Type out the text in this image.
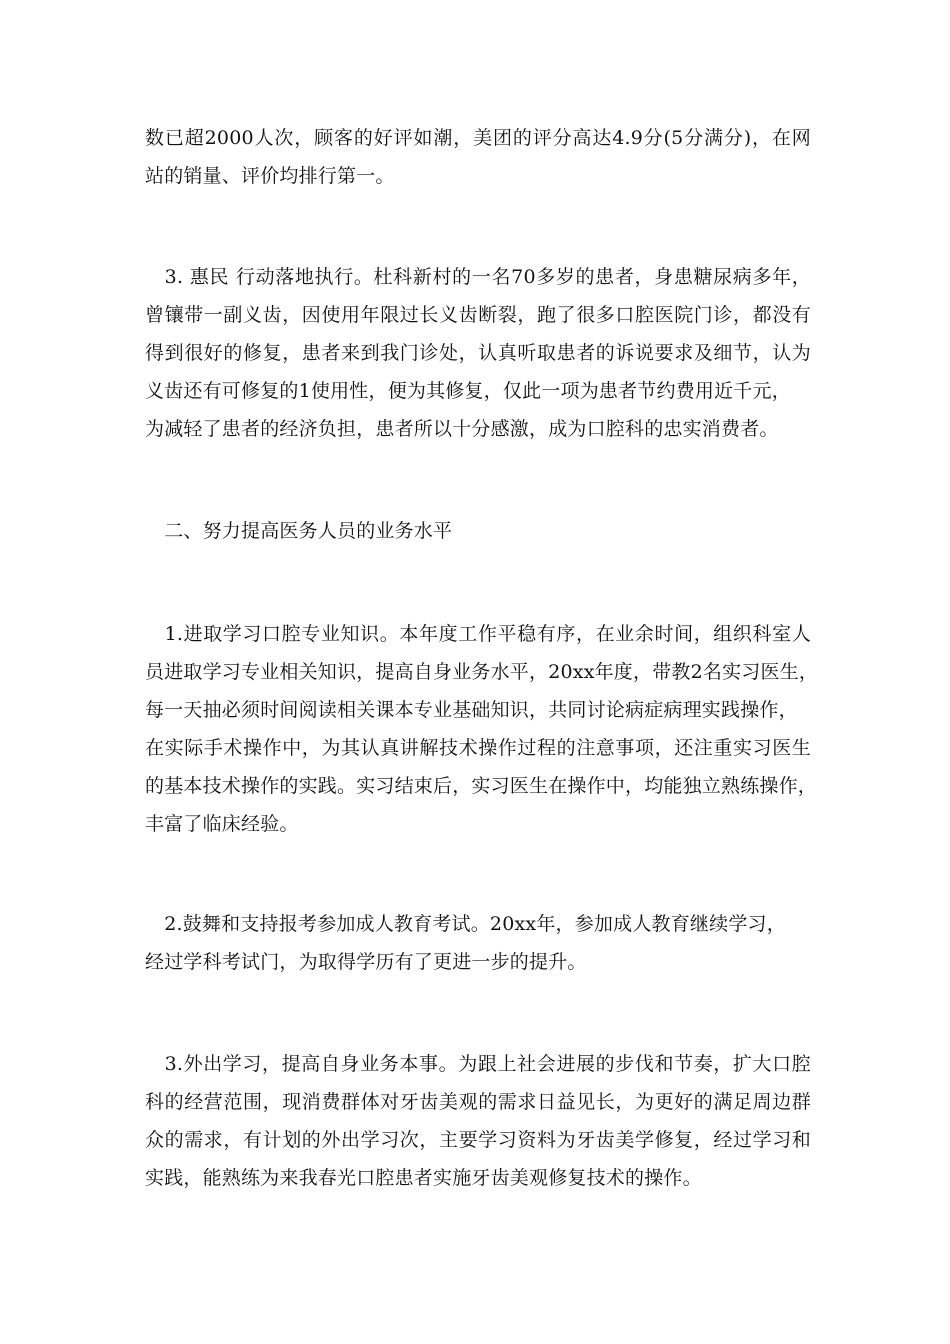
数已超2000人次，顾客的好评如潮，美团的评分高达4.9分(5分满分)，在网
站的销量、评价均排行第一。
　3. 惠民 行动落地执行。杜科新村的一名70多岁的患者，身患糖尿病多年，
曾镶带一副义齿，因使用年限过长义齿断裂，跑了很多口腔医院门诊，都没有
得到很好的修复，患者来到我门诊处，认真听取患者的诉说要求及细节，认为
义齿还有可修复的1使用性，便为其修复，仅此一项为患者节约费用近千元，
为减轻了患者的经济负担，患者所以十分感激，成为口腔科的忠实消费者。
　二、努力提高医务人员的业务水平
　1.进取学习口腔专业知识。本年度工作平稳有序，在业余时间，组织科室人
员进取学习专业相关知识，提高自身业务水平，20xx年度，带教2名实习医生，
每一天抽必须时间阅读相关课本专业基础知识，共同讨论病症病理实践操作，
在实际手术操作中，为其认真讲解技术操作过程的注意事项，还注重实习医生
的基本技术操作的实践。实习结束后，实习医生在操作中，均能独立熟练操作，
丰富了临床经验。
　2.鼓舞和支持报考参加成人教育考试。20xx年，参加成人教育继续学习，
经过学科考试门，为取得学历有了更进一步的提升。
　3.外出学习，提高自身业务本事。为跟上社会进展的步伐和节奏，扩大口腔
科的经营范围，现消费群体对牙齿美观的需求日益见长，为更好的满足周边群
众的需求，有计划的外出学习次，主要学习资料为牙齿美学修复，经过学习和
实践，能熟练为来我春光口腔患者实施牙齿美观修复技术的操作。
